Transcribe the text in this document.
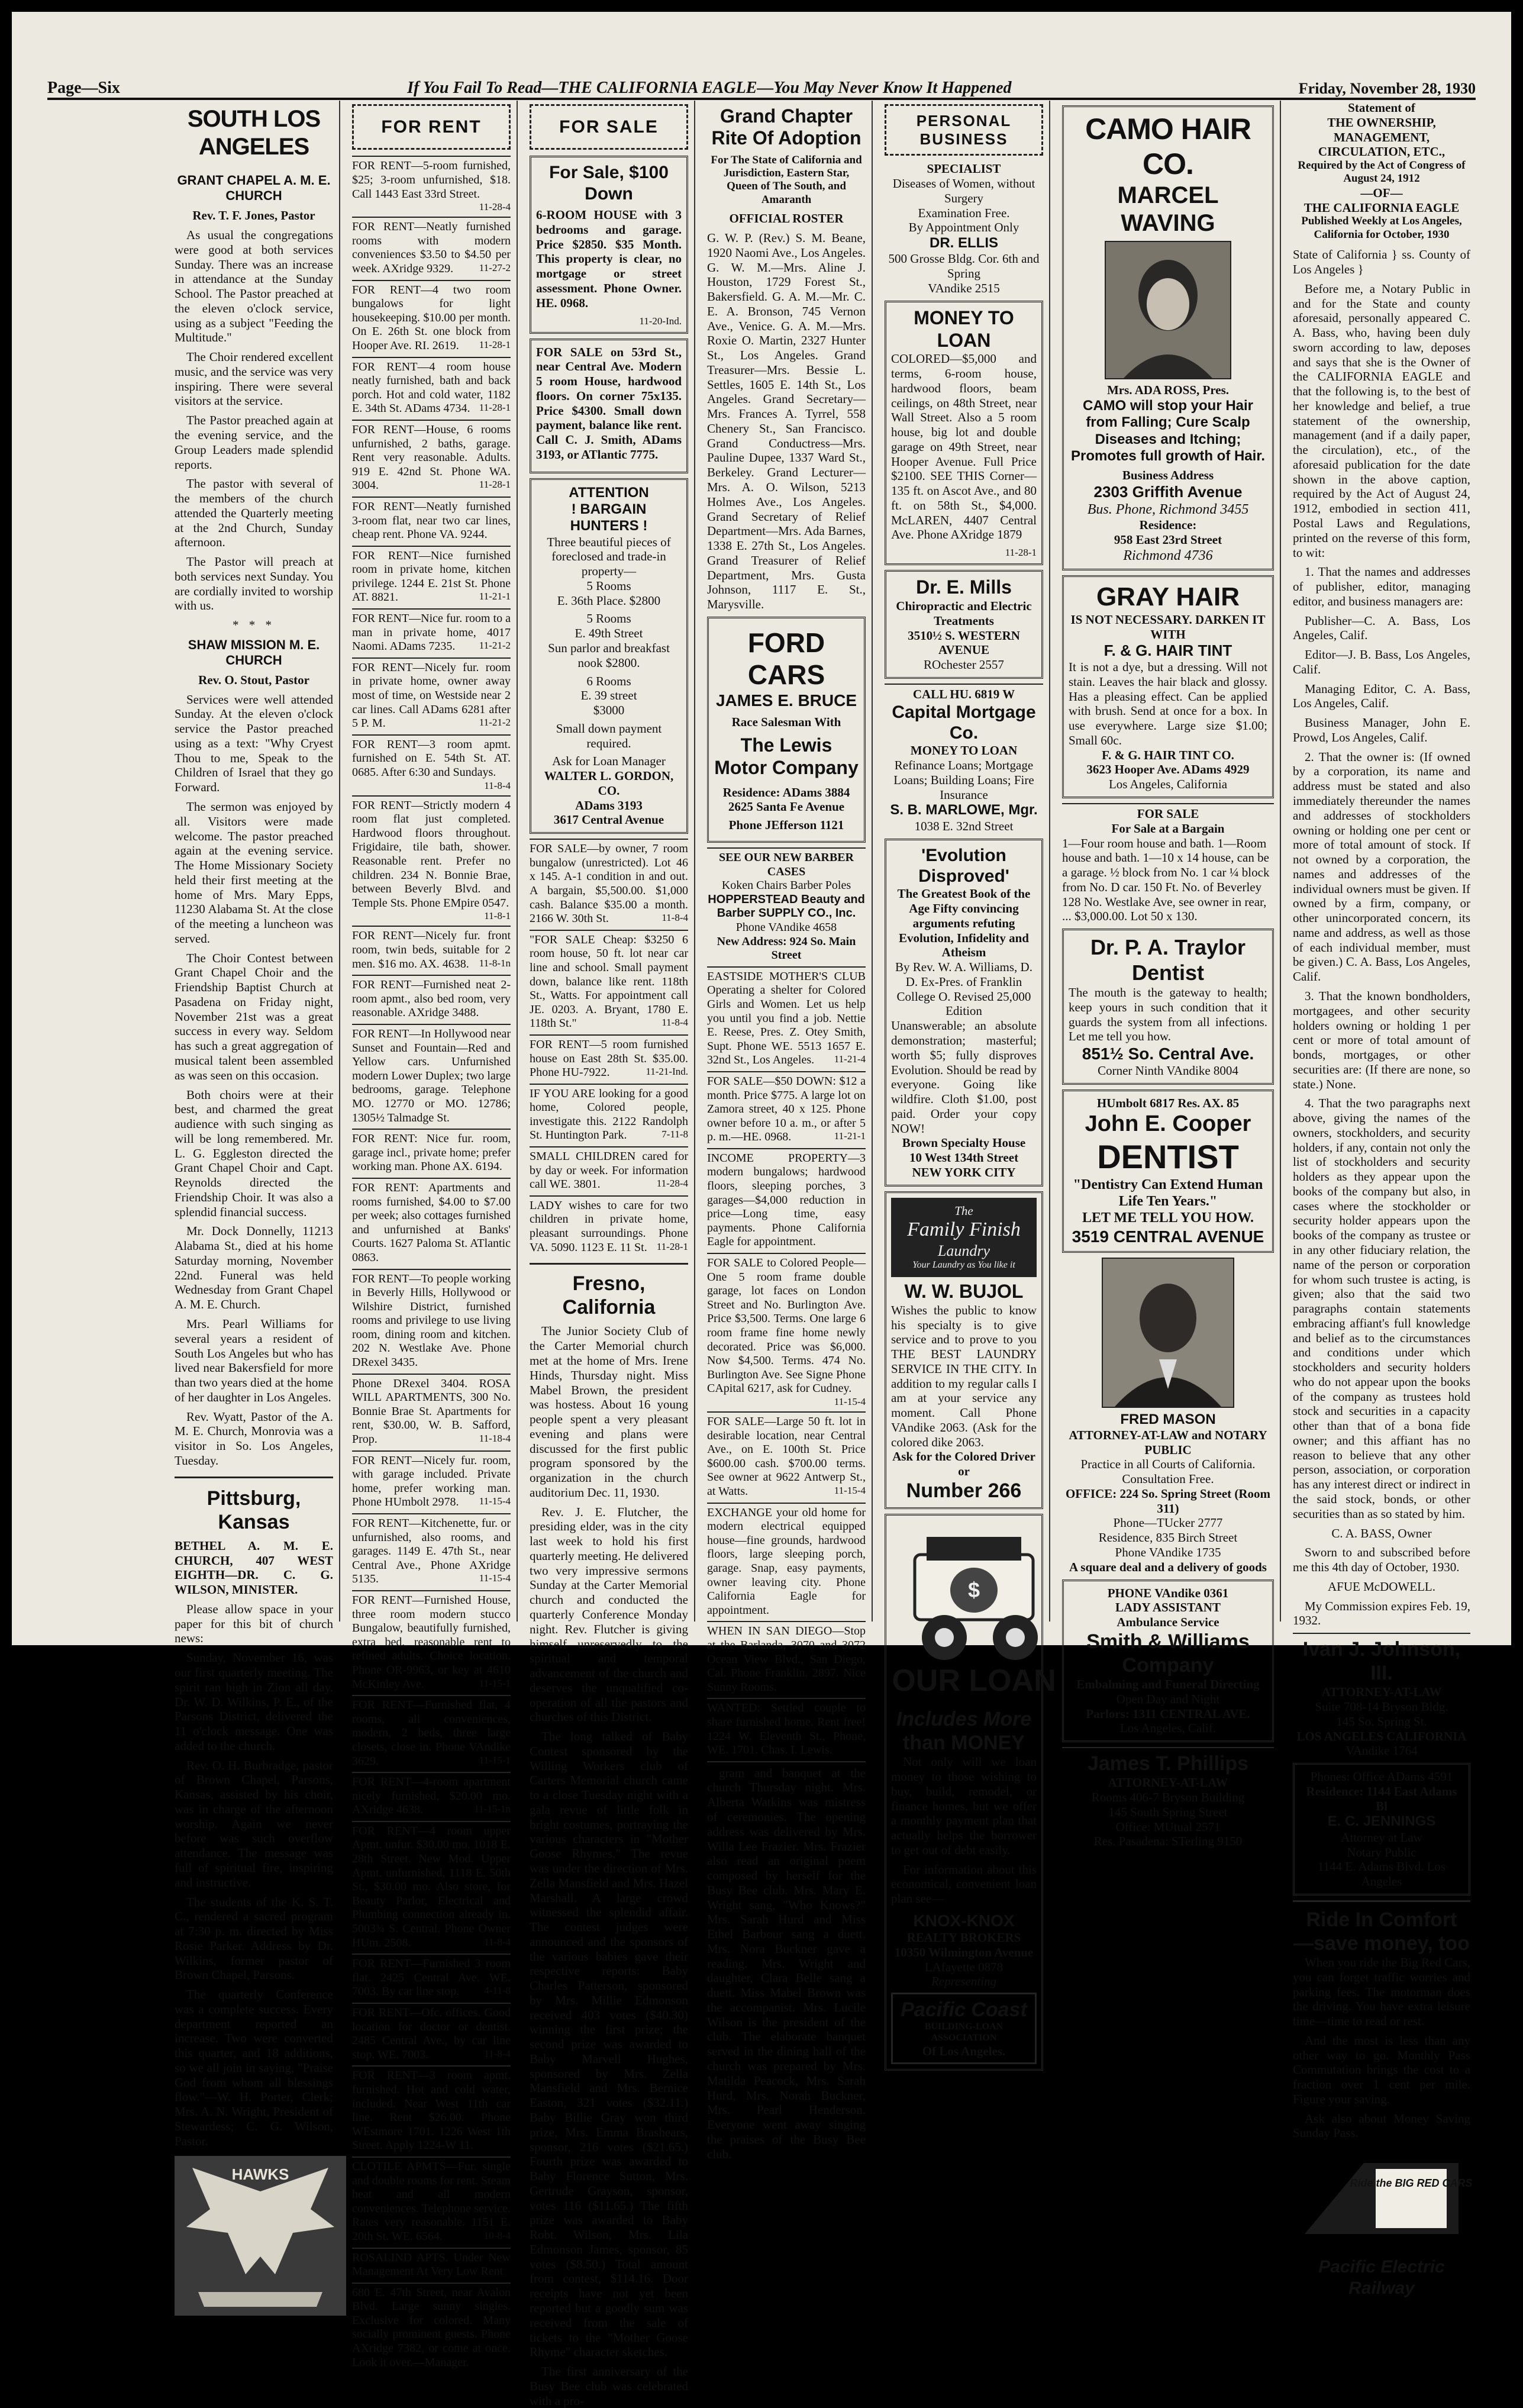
Page—Six	If You Fail To Read—THE CALIFORNIA EAGLE—You May Never Know It Happened	Friday, November 28, 1930
SOUTH LOS ANGELES
GRANT CHAPEL A. M. E. CHURCH

Rev. T. F. Jones, Pastor

As usual the congregations were good at both services Sunday. There was an increase in attendance at the Sunday School. The Pastor preached at the eleven o'clock service, using as a subject "Feeding the Multitude."

The Choir rendered excellent music, and the service was very inspiring. There were several visitors at the service.

The Pastor preached again at the evening service, and the Group Leaders made splendid reports.

The pastor with several of the members of the church attended the Quarterly meeting at the 2nd Church, Sunday afternoon.

The Pastor will preach at both services next Sunday. You are cordially invited to worship with us.

* * *
SHAW MISSION M. E. CHURCH

Rev. O. Stout, Pastor

Services were well attended Sunday. At the eleven o'clock service the Pastor preached using as a text: "Why Cryest Thou to me, Speak to the Children of Israel that they go Forward.

The sermon was enjoyed by all. Visitors were made welcome. The pastor preached again at the evening service. The Home Missionary Society held their first meeting at the home of Mrs. Mary Epps, 11230 Alabama St. At the close of the meeting a luncheon was served.

The Choir Contest between Grant Chapel Choir and the Friendship Baptist Church at Pasadena on Friday night, November 21st was a great success in every way. Seldom has such a great aggregation of musical talent been assembled as was seen on this occasion.

Both choirs were at their best, and charmed the great audience with such singing as will be long remembered. Mr. L. G. Eggleston directed the Grant Chapel Choir and Capt. Reynolds directed the Friendship Choir. It was also a splendid financial success.

Mr. Dock Donnelly, 11213 Alabama St., died at his home Saturday morning, November 22nd. Funeral was held Wednesday from Grant Chapel A. M. E. Church.

Mrs. Pearl Williams for several years a resident of South Los Angeles but who has lived near Bakersfield for more than two years died at the home of her daughter in Los Angeles.

Rev. Wyatt, Pastor of the A. M. E. Church, Monrovia was a visitor in So. Los Angeles, Tuesday.

Pittsburg, Kansas

BETHEL A. M. E. CHURCH, 407 WEST EIGHTH—DR. C. G. WILSON, MINISTER.

Please allow space in your paper for this bit of church news:

Sunday, November 16, was our first quarterly meeting. The spirit ran high in Zion all day. Dr. W. D. Wilkins, P. E., of the Parsons District, delivered the 11 o'clock message. One was added to the church.

Rev. O. H. Burbradge, pastor of Brown Chapel, Parsons, Kansas, assisted by his choir, was in charge of the afternoon worship. Again we never before was such overflow attendance. The message was full of spiritual fire, inspiring and instructive.

The students of the K. S. T. C., rendered a sacred program at 7:30 p. m. directed by Miss Rosie Parker. Address by Dr. Wilkins, former pastor of Brown Chapel, Parsons.

The quarterly Conference was a complete success. Every department reported an increase. Two were converted this quarter, and 18 additions, so we all join in saying, "Praise God from whom all blessings flow."—W. H. Porter, Clerk; Mrs. A. N. Wright, President of Stewardess; C. G. Wilson, Pastor.

HAWKS
FOR RENT
FOR RENT—5-room furnished, $25; 3-room unfurnished, $18. Call 1443 East 33rd Street.
11-28-4
FOR RENT—Neatly furnished rooms with modern conveniences $3.50 to $4.50 per week. AXridge 9329.	11-27-2
FOR RENT—4 two room bungalows for light housekeeping. $10.00 per month. On E. 26th St. one block from Hooper Ave. RI. 2619. 11-28-1
FOR RENT—4 room house neatly furnished, bath and back porch. Hot and cold water, 1182 E. 34th St. ADams 4734. 11-28-1
FOR RENT—House, 6 rooms unfurnished, 2 baths, garage. Rent very reasonable. Adults. 919 E. 42nd St. Phone WA. 3004.	11-28-1
FOR RENT—Neatly furnished 3-room flat, near two car lines, cheap rent. Phone VA. 9244.
FOR RENT—Nice furnished room in private home, kitchen privilege. 1244 E. 21st St. Phone AT. 8821.	11-21-1
FOR RENT—Nice fur. room to a man in private home, 4017 Naomi. ADams 7235. 11-21-2
FOR RENT—Nicely fur. room in private home, owner away most of time, on Westside near 2 car lines. Call ADams 6281 after 5 P. M.	11-21-2
FOR RENT—3 room apmt. furnished on E. 54th St. AT. 0685. After 6:30 and Sundays.
11-8-4
FOR RENT—Strictly modern 4 room flat just completed. Hardwood floors throughout. Frigidaire, tile bath, shower. Reasonable rent. Prefer no children. 234 N. Bonnie Brae, between Beverly Blvd. and Temple Sts. Phone EMpire 0547.
11-8-1
FOR RENT—Nicely fur. front room, twin beds, suitable for 2 men. $16 mo. AX. 4638. 11-8-1n
FOR RENT—Furnished neat 2-room apmt., also bed room, very reasonable. AXridge 3488.
FOR RENT—In Hollywood near Sunset and Fountain—Red and Yellow cars. Unfurnished modern Lower Duplex; two large bedrooms, garage. Telephone MO. 12770 or MO. 12786; 1305½ Talmadge St.
FOR RENT: Nice fur. room, garage incl., private home; prefer working man. Phone AX. 6194.
FOR RENT: Apartments and rooms furnished, $4.00 to $7.00 per week; also cottages furnished and unfurnished at Banks' Courts. 1627 Paloma St. ATlantic 0863.
FOR RENT—To people working in Beverly Hills, Hollywood or Wilshire District, furnished rooms and privilege to use living room, dining room and kitchen. 202 N. Westlake Ave. Phone DRexel 3435.
Phone DRexel 3404. ROSA WILL APARTMENTS, 300 No. Bonnie Brae St. Apartments for rent, $30.00, W. B. Safford, Prop.	11-18-4
FOR RENT—Nicely fur. room, with garage included. Private home, prefer working man. Phone HUmbolt 2978. 11-15-4
FOR RENT—Kitchenette, fur. or unfurnished, also rooms, and garages. 1149 E. 47th St., near Central Ave., Phone AXridge 5135.	11-15-4
FOR RENT—Furnished House, three room modern stucco Bungalow, beautifully furnished, extra bed, reasonable rent to refined adults. Choice location. Phone OR-9963, or key at 4610 McKinley Ave.	11-15-1
FOR RENT—Furnished flat, 4 rooms, all conveniences, modern, 2 beds, three large closets, close in. Phone VAndike 3629.	11-15-1
FOR RENT—4-room apartment nicely furnished, $20.00 mo. AXridge 4638.	11-15-1n
FOR RENT—4 room upper Apmt. unfur. $30.00 mo. 1018 E. 28th Street. New Mod. Upper Apmt. unfurnished, 1118 E. 50th St., $30.00 mo. Also store, for Beauty Parlor, Electrical and Plumbing connection already in. 5003¾ S. Central. Phone Owner HUm. 2508.	11-8-4
FOR RENT—Furnished 3 room flat. 2425 Central Ave. WE. 7003. By car line stop. 4-11-8
FOR RENT—Ofc. offices. Good location for doctor or dentist. 2485 Central Ave., by car line stop. WE. 7003.	11-8-4
FOR RENT—3 room apmt. furnished. Hot and cold water, included. Near West 11th car line. Rent $26.00. Phone WEstmore 1701. 1226 West 1th Street. Apply 1224-W 11.
CLOTILE APMTS—Fur. single and double rooms for rent. Steam heat and all modern conveniences. Telephone service. Rates very reasonable. 1151 E. 20th St. WE. 6564.	10-8-4
ROSALIND APTS. Under New Management At Very Low Rent
680 E. 47th Street, near Avalon Blvd. Large sunny singles. Exclusive for colored. Many socially prominent guests. Phone AXridge 7382, or come at once. Look it over.—Manager.
FOR SALE
For Sale, $100 Down

6-ROOM HOUSE with 3 bedrooms and garage. Price $2850. $35 Month. This property is clear, no mortgage or street assessment. Phone Owner. HE. 0968.

11-20-Ind.

FOR SALE on 53rd St., near Central Ave. Modern 5 room House, hardwood floors. On corner 75x135. Price $4300. Small down payment, balance like rent. Call C. J. Smith, ADams 3193, or ATlantic 7775.

ATTENTION
! BARGAIN HUNTERS !
Three beautiful pieces of foreclosed and trade-in property—
5 Rooms
E. 36th Place. $2800
5 Rooms
E. 49th Street
Sun parlor and breakfast nook $2800.
6 Rooms
E. 39 street
$3000
Small down payment required.
Ask for Loan Manager
WALTER L. GORDON, CO.
ADams 3193
3617 Central Avenue
FOR SALE—by owner, 7 room bungalow (unrestricted). Lot 46 x 145. A-1 condition in and out. A bargain, $5,500.00. $1,000 cash. Balance $35.00 a month. 2166 W. 30th St.	11-8-4
"FOR SALE Cheap: $3250 6 room house, 50 ft. lot near car line and school. Small payment down, balance like rent. 118th St., Watts. For appointment call JE. 0203. A. Bryant, 1780 E. 118th St."	11-8-4
FOR RENT—5 room furnished house on East 28th St. $35.00. Phone HU-7922.	11-21-Ind.
IF YOU ARE looking for a good home, Colored people, investigate this. 2122 Randolph St. Huntington Park.	7-11-8
SMALL CHILDREN cared for by day or week. For information call WE. 3801.	11-28-4
LADY wishes to care for two children in private home, pleasant surroundings. Phone VA. 5090. 1123 E. 11 St. 11-28-1
Fresno, California

The Junior Society Club of the Carter Memorial church met at the home of Mrs. Irene Hinds, Thursday night. Miss Mabel Brown, the president was hostess. About 16 young people spent a very pleasant evening and plans were discussed for the first public program sponsored by the organization in the church auditorium Dec. 11, 1930.

Rev. J. E. Flutcher, the presiding elder, was in the city last week to hold his first quarterly meeting. He delivered two very impressive sermons Sunday at the Carter Memorial church and conducted the quarterly Conference Monday night. Rev. Flutcher is giving himself unreservedly to the spiritual and temporal advancement of the church and deserves the unqualified co-operation of all the pastors and churches of this District.

The long talked of Baby Contest sponsored by the Willing Workers club of Carters Memorial church came to a close Tuesday night with a gala revue of little folk in bright costumes, portraying the various characters in "Mother Goose Rhymes." The revue was under the direction of Mrs. Zella Mansfield and Mrs. Hazel Marshall. A large crowd witnessed the splendid affair. The contest judges were announced and the sponsors of the various babies gave their respective reports: Baby Charles Patterson, sponsored by Mrs. Millie Edmonson received 403 votes ($40.30) winning the first prize; the second prize was awarded to Baby Marvell Hughes, sponsored by Mrs. Zella Mansfield and Mrs. Bernice Easton, 321 votes ($32.11.) Baby Billie Gray won third prize, Mrs. Emma Brashears, sponsor, 216 votes ($21.65.) Fourth prize was awarded to Baby Florence Sutton, Mrs. Gertrude Grayson, sponsor, votes 116 ($11.65.) The fifth prize was awarded to Baby Robt. Wilson, Mrs. Lila Edmonson James, sponsor, 85 votes ($8.50.) Total amount from contest, $114.16. Door receipts have not yet been reported but a goodly sum was received from the sale of tickets to the "Mother Goose Rhyme" character sketches.

The first anniversary of the Busy Bee club was celebrated with a pro-

Grand Chapter Rite Of Adoption

For The State of California and Jurisdiction, Eastern Star, Queen of The South, and Amaranth

OFFICIAL ROSTER

G. W. P. (Rev.) S. M. Beane, 1920 Naomi Ave., Los Angeles. G. W. M.—Mrs. Aline J. Houston, 1729 Forest St., Bakersfield. G. A. M.—Mr. C. E. A. Bronson, 745 Vernon Ave., Venice. G. A. M.—Mrs. Roxie O. Martin, 2327 Hunter St., Los Angeles. Grand Treasurer—Mrs. Bessie L. Settles, 1605 E. 14th St., Los Angeles. Grand Secretary—Mrs. Frances A. Tyrrel, 558 Chenery St., San Francisco. Grand Conductress—Mrs. Pauline Dupee, 1337 Ward St., Berkeley. Grand Lecturer—Mrs. A. O. Wilson, 5213 Holmes Ave., Los Angeles. Grand Secretary of Relief Department—Mrs. Ada Barnes, 1338 E. 27th St., Los Angeles. Grand Treasurer of Relief Department, Mrs. Gusta Johnson, 1117 E. St., Marysville.

FORD CARS
JAMES E. BRUCE
Race Salesman With
The Lewis Motor Company
Residence: ADams 3884
2625 Santa Fe Avenue
Phone JEfferson 1121
SEE OUR NEW BARBER CASES
Koken Chairs Barber Poles
HOPPERSTEAD Beauty and Barber SUPPLY CO., Inc.
Phone VAndike 4658
New Address: 924 So. Main Street
EASTSIDE MOTHER'S CLUB Operating a shelter for Colored Girls and Women. Let us help you until you find a job. Nettie E. Reese, Pres. Z. Otey Smith, Supt. Phone WE. 5513 1657 E. 32nd St., Los Angeles. 11-21-4
FOR SALE—$50 DOWN: $12 a month. Price $775. A large lot on Zamora street, 40 x 125. Phone owner before 10 a. m., or after 5 p. m.—HE. 0968.	11-21-1
INCOME PROPERTY—3 modern bungalows; hardwood floors, sleeping porches, 3 garages—$4,000 reduction in price—Long time, easy payments. Phone California Eagle for appointment.
FOR SALE to Colored People—One 5 room frame double garage, lot faces on London Street and No. Burlington Ave. Price $3,500. Terms. One large 6 room frame fine home newly decorated. Price was $6,000. Now $4,500. Terms. 474 No. Burlington Ave. See Signe Phone CApital 6217, ask for Cudney.
11-15-4
FOR SALE—Large 50 ft. lot in desirable location, near Central Ave., on E. 100th St. Price $600.00 cash. $700.00 terms. See owner at 9622 Antwerp St., at Watts.	11-15-4
EXCHANGE your old home for modern electrical equipped house—fine grounds, hardwood floors, large sleeping porch, garage. Snap, easy payments, owner leaving city. Phone California Eagle for appointment.
WHEN IN SAN DIEGO—Stop at the Barlanda, 3070 and 3072 Ocean View Blvd., San Diego, Cal. Phone Franklin. 2897. Nice Sunny Rooms.
WANTED: Settled couple to share furnished home. Rent free! 1224 W. Eleventh St., Phone, WE. 1701. Chas. I. Lewis.

gram and banquet at the church Thursday night. Mrs. Alberta Watkins was mistress of ceremonies. The opening address was delivered by Mrs. Willa Lee Frazier. Mrs. Frazier also read an original poem composed by herself for the Busy Bee club. Mrs. Mary E. Wright sang, "Who Knows?" Mrs. Sarah Hurd and Miss Ethel Barbour sang a duett. Mrs. Nora Buckner gave a reading. Mrs. Wright and daughter, Clara Belle sang a duett. Miss Mabel Brown was the accompanist. Mrs. Lucile Wilson is the president of the club. The elaborate banquet served in the dining hall of the church was prepared by Mrs. Matilda Peacock, Mrs. Sarah Hurd, Mrs. Norah Buckner, Mrs. Pearl Henderson. Everyone went away singing the praises of the Busy Bee club.

PERSONAL BUSINESS
SPECIALIST
Diseases of Women, without Surgery
Examination Free.
By Appointment Only
DR. ELLIS
500 Grosse Bldg. Cor. 6th and Spring
VAndike 2515
MONEY TO LOAN

COLORED—$5,000 and terms, 6-room house, hardwood floors, beam ceilings, on 48th Street, near Wall Street. Also a 5 room house, big lot and double garage on 49th Street, near Hooper Avenue. Full Price $2100. SEE THIS Corner—135 ft. on Ascot Ave., and 80 ft. on 58th St., $4,000. McLAREN, 4407 Central Ave. Phone AXridge 1879

11-28-1
Dr. E. Mills
Chiropractic and Electric Treatments
3510½ S. WESTERN AVENUE
ROchester 2557
CALL HU. 6819 W
Capital Mortgage Co.
MONEY TO LOAN
Refinance Loans; Mortgage Loans; Building Loans; Fire Insurance
S. B. MARLOWE, Mgr.
1038 E. 32nd Street
'Evolution Disproved'
The Greatest Book of the Age Fifty convincing arguments refuting Evolution, Infidelity and Atheism
By Rev. W. A. Williams, D. D. Ex-Pres. of Franklin College O. Revised 25,000 Edition
Unanswerable; an absolute demonstration; masterful; worth $5; fully disproves Evolution. Should be read by everyone. Going like wildfire. Cloth $1.00, post paid. Order your copy NOW!
Brown Specialty House
10 West 134th Street
NEW YORK CITY
The
Family Finish
Laundry
Your Laundry as You like it
W. W. BUJOL
Wishes the public to know his specialty is to give service and to prove to you THE BEST LAUNDRY SERVICE IN THE CITY. In addition to my regular calls I am at your service any moment. Call Phone VAndike 2063. (Ask for the colored dike 2063.
Ask for the Colored Driver or
Number 266
$
OUR LOAN
Includes More
than MONEY

Not only will we loan money to those wishing to buy, build, remodel, or finance homes, but we offer a monthly payment plan that actually helps the borrower to get out of debt easily.

For information about this economical, convenient loan plan see—

KNOX-KNOX
REALTY BROKERS
10350 Wilmington Avenue
LAfayette 0878
Representing
Pacific Coast
BUILDING-LOAN ASSOCIATION
Of Los Angeles.
CAMO HAIR CO.
MARCEL WAVING
Mrs. ADA ROSS, Pres.
CAMO will stop your Hair from Falling; Cure Scalp Diseases and Itching; Promotes full growth of Hair.
Business Address
2303 Griffith Avenue
Bus. Phone, Richmond 3455
Residence:
958 East 23rd Street
Richmond 4736
GRAY HAIR
IS NOT NECESSARY. DARKEN IT WITH
F. & G. HAIR TINT
It is not a dye, but a dressing. Will not stain. Leaves the hair black and glossy. Has a pleasing effect. Can be applied with brush. Send at once for a box. In use everywhere. Large size $1.00; Small 60c.
F. & G. HAIR TINT CO.
3623 Hooper Ave. ADams 4929
Los Angeles, California
FOR SALE
For Sale at a Bargain
1—Four room house and bath. 1—Room house and bath. 1—10 x 14 house, can be a garage. ½ block from No. 1 car ¼ block from No. D car. 150 Ft. No. of Beverley 128 No. Westlake Ave, see owner in rear, ... $3,000.00. Lot 50 x 130.
Dr. P. A. Traylor
Dentist
The mouth is the gateway to health; keep yours in such condition that it guards the system from all infections. Let me tell you how.
851½ So. Central Ave.
Corner Ninth VAndike 8004
HUmbolt 6817 Res. AX. 85
John E. Cooper
DENTIST
"Dentistry Can Extend Human Life Ten Years."
LET ME TELL YOU HOW.
3519 CENTRAL AVENUE
FRED MASON
ATTORNEY-AT-LAW and NOTARY PUBLIC
Practice in all Courts of California. Consultation Free.
OFFICE: 224 So. Spring Street (Room 311)
Phone—TUcker 2777
Residence, 835 Birch Street
Phone VAndike 1735
A square deal and a delivery of goods
PHONE VAndike 0361
LADY ASSISTANT
Ambulance Service
Smith & Williams
Company
Embalming and Funeral Directing
Open Day and Night
Parlors: 1311 CENTRAL AVE.
Los Angeles, Calif.
James T. Phillips
ATTORNEY-AT-LAW
Rooms 406-7 Bryson Building
145 South Spring Street
Office: MUtual 2571
Res. Pasadena: STerling 9150
Statement of
THE OWNERSHIP, MANAGEMENT, CIRCULATION, ETC.,
Required by the Act of Congress of August 24, 1912
—OF—
THE CALIFORNIA EAGLE
Published Weekly at Los Angeles, California for October, 1930

State of California } ss. County of Los Angeles }

Before me, a Notary Public in and for the State and county aforesaid, personally appeared C. A. Bass, who, having been duly sworn according to law, deposes and says that she is the Owner of the CALIFORNIA EAGLE and that the following is, to the best of her knowledge and belief, a true statement of the ownership, management (and if a daily paper, the circulation), etc., of the aforesaid publication for the date shown in the above caption, required by the Act of August 24, 1912, embodied in section 411, Postal Laws and Regulations, printed on the reverse of this form, to wit:

1. That the names and addresses of publisher, editor, managing editor, and business managers are:

Publisher—C. A. Bass, Los Angeles, Calif.

Editor—J. B. Bass, Los Angeles, Calif.

Managing Editor, C. A. Bass, Los Angeles, Calif.

Business Manager, John E. Prowd, Los Angeles, Calif.

2. That the owner is: (If owned by a corporation, its name and address must be stated and also immediately thereunder the names and addresses of stockholders owning or holding one per cent or more of total amount of stock. If not owned by a corporation, the names and addresses of the individual owners must be given. If owned by a firm, company, or other unincorporated concern, its name and address, as well as those of each individual member, must be given.) C. A. Bass, Los Angeles, Calif.

3. That the known bondholders, mortgagees, and other security holders owning or holding 1 per cent or more of total amount of bonds, mortgages, or other securities are: (If there are none, so state.) None.

4. That the two paragraphs next above, giving the names of the owners, stockholders, and security holders, if any, contain not only the list of stockholders and security holders as they appear upon the books of the company but also, in cases where the stockholder or security holder appears upon the books of the company as trustee or in any other fiduciary relation, the name of the person or corporation for whom such trustee is acting, is given; also that the said two paragraphs contain statements embracing affiant's full knowledge and belief as to the circumstances and conditions under which stockholders and security holders who do not appear upon the books of the company as trustees hold stock and securities in a capacity other than that of a bona fide owner; and this affiant has no reason to believe that any other person, association, or corporation has any interest direct or indirect in the said stock, bonds, or other securities than as so stated by him.

C. A. BASS, Owner

Sworn to and subscribed before me this 4th day of October, 1930.

AFUE McDOWELL.

My Commission expires Feb. 19, 1932.

Ivan J. Johnson, III.
ATTORNEY-AT-LAW
Suite 708-14 Bryson Bldg.
145 So. Spring St.
LOS ANGELES CALIFORNIA
VAndike 1764
Phones: Office ADams 4591
Residence: 1144 East Adams Bl
E. C. JENNINGS
Attorney at Law
Notary Public
1144 E. Adams Blvd. Los Angeles
Ride In Comfort
—save money, too

When you ride the Big Red Cars, you can forget traffic worries and parking fees. The motorman does the driving. You have extra leisure time—time to read or rest.

And the most is less than any other way to go. Monthly Pass Commutation brings the cost to a fraction over 1 cent per mile. Figure your saving.

Ask also about Money Saving Sunday Pass.

Ride the BIG RED CARS
Pacific Electric Railway
